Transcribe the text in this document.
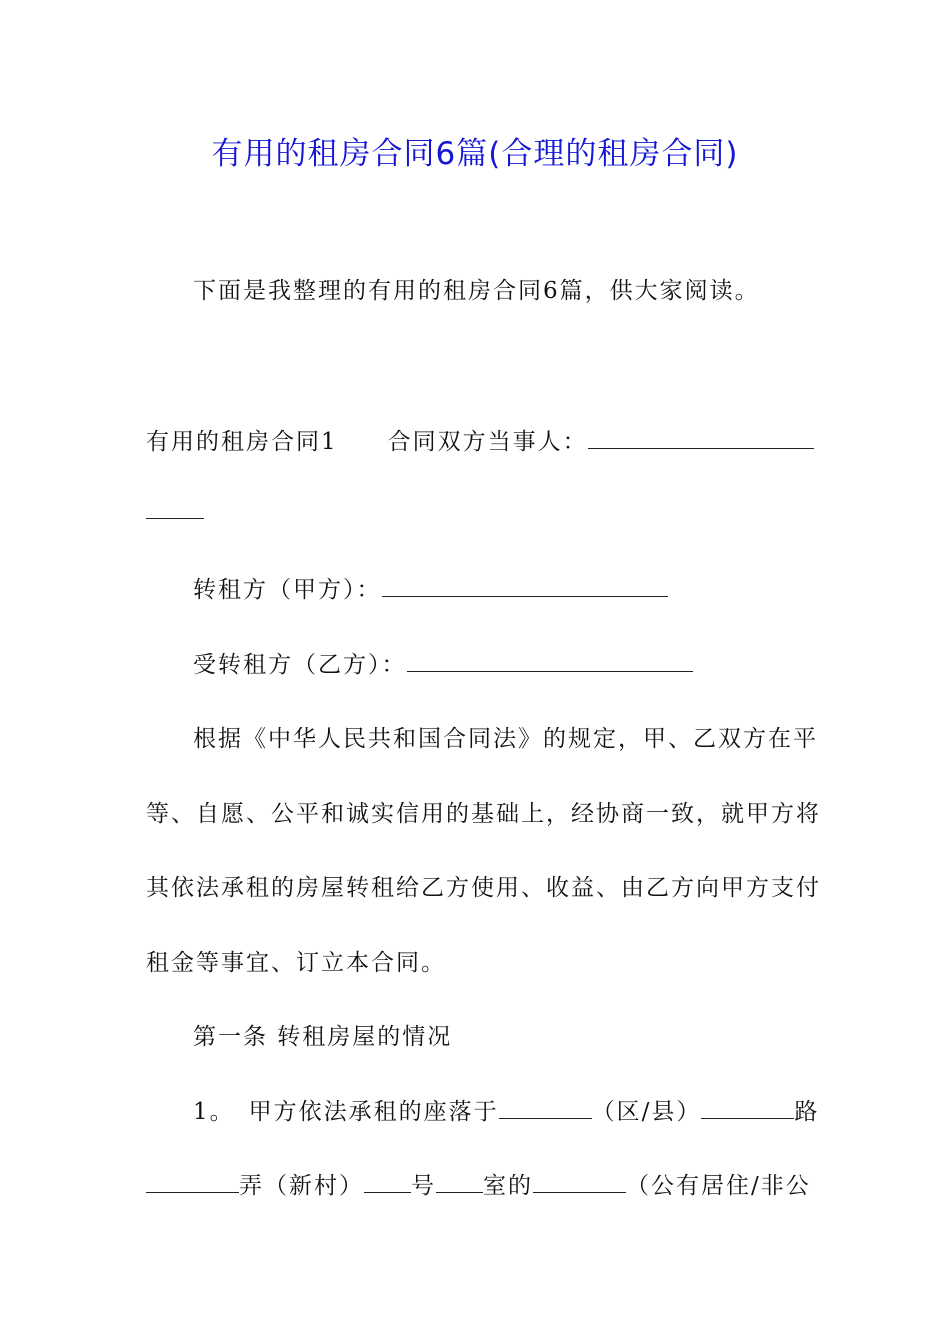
有用的租房合同6篇(合理的租房合同)
下面是我整理的有用的租房合同6篇，供大家阅读。
有用的租房合同1 合同双方当事人：
转租方（甲方）：
受转租方（乙方）：
根据《中华人民共和国合同法》的规定，甲、乙双方在平
等、自愿、公平和诚实信用的基础上，经协商一致，就甲方将
其依法承租的房屋转租给乙方使用、收益、由乙方向甲方支付
租金等事宜、订立本合同。
第一条 转租房屋的情况
1。 甲方依法承租的座落于	（区/县）	路
弄（新村） 号 室的	（公有居住/非公
